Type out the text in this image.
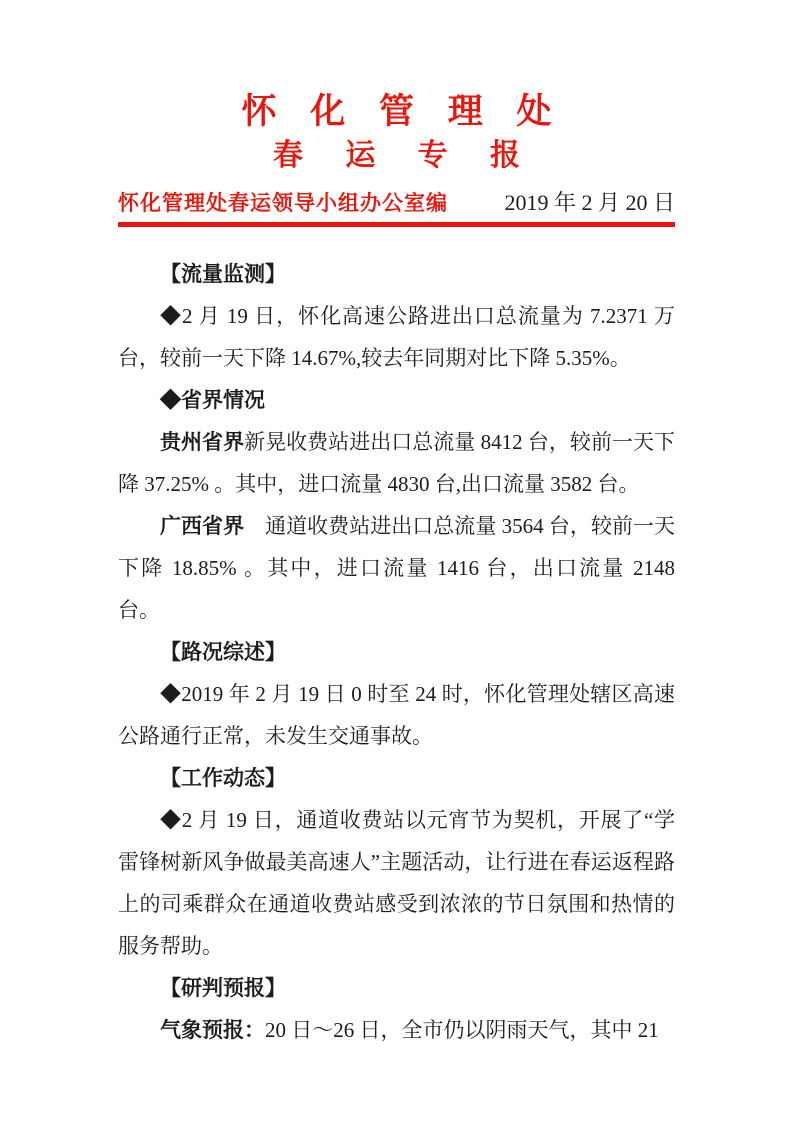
怀 化 管 理 处
春 运 专 报
怀化管理处春运领导小组办公室编	2019 年 2 月 20 日

【流量监测】

◆2 月 19 日，怀化高速公路进出口总流量为 7.2371 万台，较前一天下降 14.67%,较去年同期对比下降 5.35%。

◆省界情况

贵州省界新晃收费站进出口总流量 8412 台，较前一天下降 37.25% 。其中，进口流量 4830 台,出口流量 3582 台。

广西省界　通道收费站进出口总流量 3564 台，较前一天下降 18.85% 。其中，进口流量 1416 台，出口流量 2148 台。

【路况综述】

◆2019 年 2 月 19 日 0 时至 24 时，怀化管理处辖区高速公路通行正常，未发生交通事故。

【工作动态】

◆2 月 19 日，通道收费站以元宵节为契机，开展了“学雷锋树新风争做最美高速人”主题活动，让行进在春运返程路上的司乘群众在通道收费站感受到浓浓的节日氛围和热情的服务帮助。

【研判预报】

气象预报：20 日～26 日，全市仍以阴雨天气，其中 21
